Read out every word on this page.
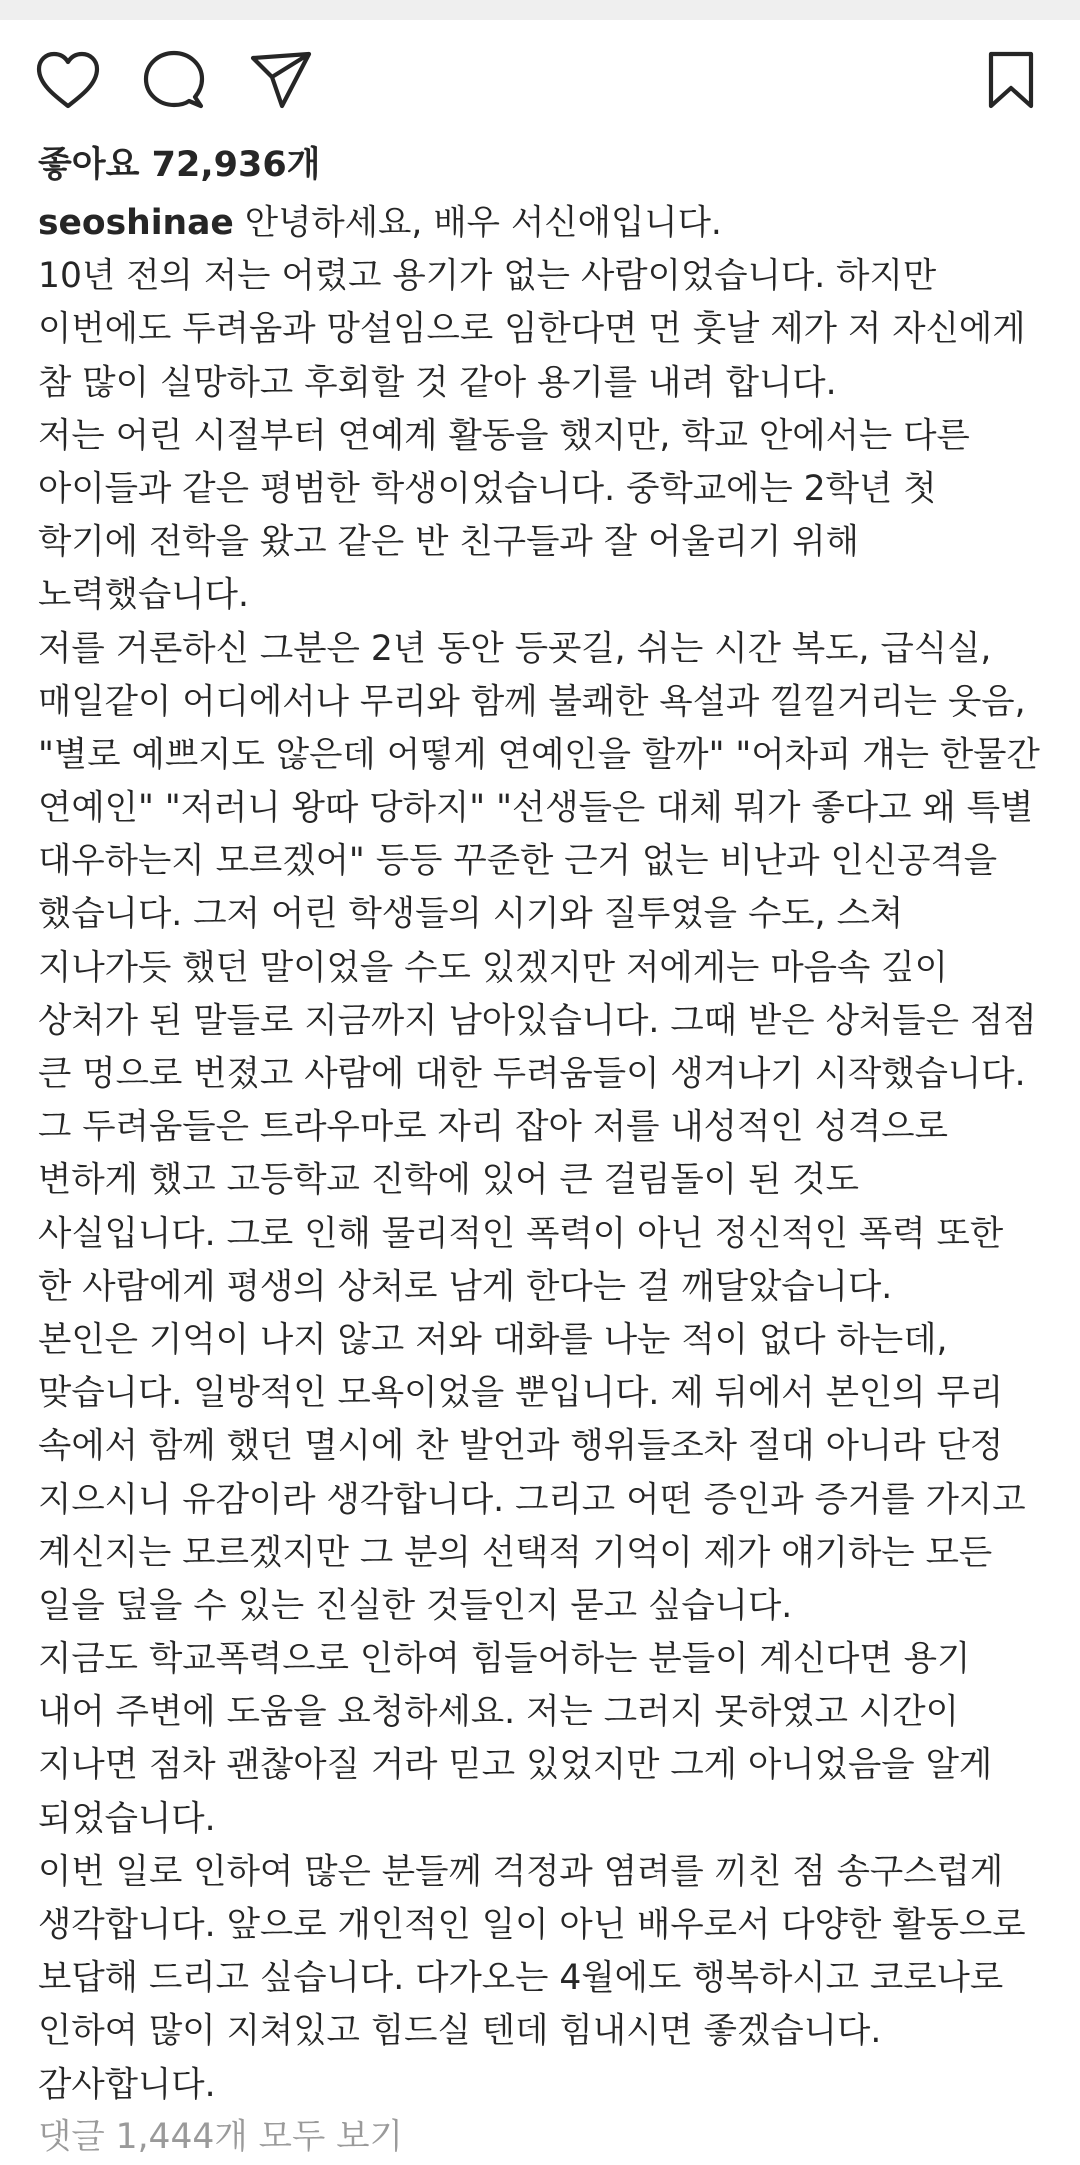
좋아요 72,936개
seoshinae 안녕하세요, 배우 서신애입니다.
10년 전의 저는 어렸고 용기가 없는 사람이었습니다. 하지만
이번에도 두려움과 망설임으로 임한다면 먼 훗날 제가 저 자신에게
참 많이 실망하고 후회할 것 같아 용기를 내려 합니다.
저는 어린 시절부터 연예계 활동을 했지만, 학교 안에서는 다른
아이들과 같은 평범한 학생이었습니다. 중학교에는 2학년 첫
학기에 전학을 왔고 같은 반 친구들과 잘 어울리기 위해
노력했습니다.
저를 거론하신 그분은 2년 동안 등굣길, 쉬는 시간 복도, 급식실,
매일같이 어디에서나 무리와 함께 불쾌한 욕설과 낄낄거리는 웃음,
"별로 예쁘지도 않은데 어떻게 연예인을 할까" "어차피 걔는 한물간
연예인" "저러니 왕따 당하지" "선생들은 대체 뭐가 좋다고 왜 특별
대우하는지 모르겠어" 등등 꾸준한 근거 없는 비난과 인신공격을
했습니다. 그저 어린 학생들의 시기와 질투였을 수도, 스쳐
지나가듯 했던 말이었을 수도 있겠지만 저에게는 마음속 깊이
상처가 된 말들로 지금까지 남아있습니다. 그때 받은 상처들은 점점
큰 멍으로 번졌고 사람에 대한 두려움들이 생겨나기 시작했습니다.
그 두려움들은 트라우마로 자리 잡아 저를 내성적인 성격으로
변하게 했고 고등학교 진학에 있어 큰 걸림돌이 된 것도
사실입니다. 그로 인해 물리적인 폭력이 아닌 정신적인 폭력 또한
한 사람에게 평생의 상처로 남게 한다는 걸 깨달았습니다.
본인은 기억이 나지 않고 저와 대화를 나눈 적이 없다 하는데,
맞습니다. 일방적인 모욕이었을 뿐입니다. 제 뒤에서 본인의 무리
속에서 함께 했던 멸시에 찬 발언과 행위들조차 절대 아니라 단정
지으시니 유감이라 생각합니다. 그리고 어떤 증인과 증거를 가지고
계신지는 모르겠지만 그 분의 선택적 기억이 제가 얘기하는 모든
일을 덮을 수 있는 진실한 것들인지 묻고 싶습니다.
지금도 학교폭력으로 인하여 힘들어하는 분들이 계신다면 용기
내어 주변에 도움을 요청하세요. 저는 그러지 못하였고 시간이
지나면 점차 괜찮아질 거라 믿고 있었지만 그게 아니었음을 알게
되었습니다.
이번 일로 인하여 많은 분들께 걱정과 염려를 끼친 점 송구스럽게
생각합니다. 앞으로 개인적인 일이 아닌 배우로서 다양한 활동으로
보답해 드리고 싶습니다. 다가오는 4월에도 행복하시고 코로나로
인하여 많이 지쳐있고 힘드실 텐데 힘내시면 좋겠습니다.
감사합니다.
댓글 1,444개 모두 보기
